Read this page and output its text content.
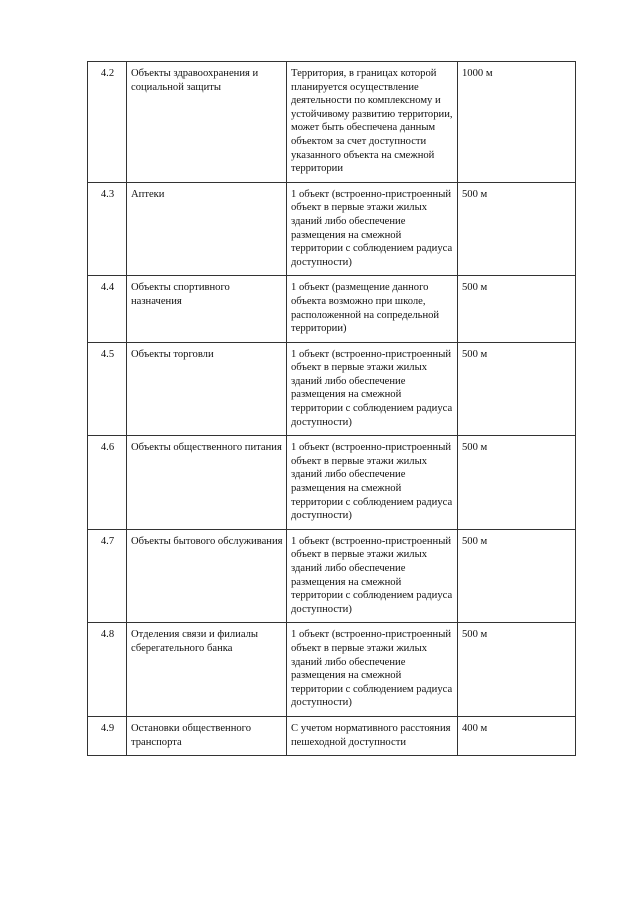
4.2	Объекты здравоохранения и социальной защиты	Территория, в границах которой планируется осуществление деятельности по комплексному и устойчивому развитию территории, может быть обеспечена данным объектом за счет доступности указанного объекта на смежной территории	1000 м
4.3	Аптеки	1 объект (встроенно-пристроенный объект в первые этажи жилых зданий либо обеспечение размещения на смежной территории с соблюдением радиуса доступности)	500 м
4.4	Объекты спортивного назначения	1 объект (размещение данного объекта возможно при школе, расположенной на сопредельной территории)	500 м
4.5	Объекты торговли	1 объект (встроенно-пристроенный объект в первые этажи жилых зданий либо обеспечение размещения на смежной территории с соблюдением радиуса доступности)	500 м
4.6	Объекты общественного питания	1 объект (встроенно-пристроенный объект в первые этажи жилых зданий либо обеспечение размещения на смежной территории с соблюдением радиуса доступности)	500 м
4.7	Объекты бытового обслуживания	1 объект (встроенно-пристроенный объект в первые этажи жилых зданий либо обеспечение размещения на смежной территории с соблюдением радиуса доступности)	500 м
4.8	Отделения связи и филиалы сберегательного банка	1 объект (встроенно-пристроенный объект в первые этажи жилых зданий либо обеспечение размещения на смежной территории с соблюдением радиуса доступности)	500 м
4.9	Остановки общественного транспорта	С учетом нормативного расстояния пешеходной доступности	400 м
